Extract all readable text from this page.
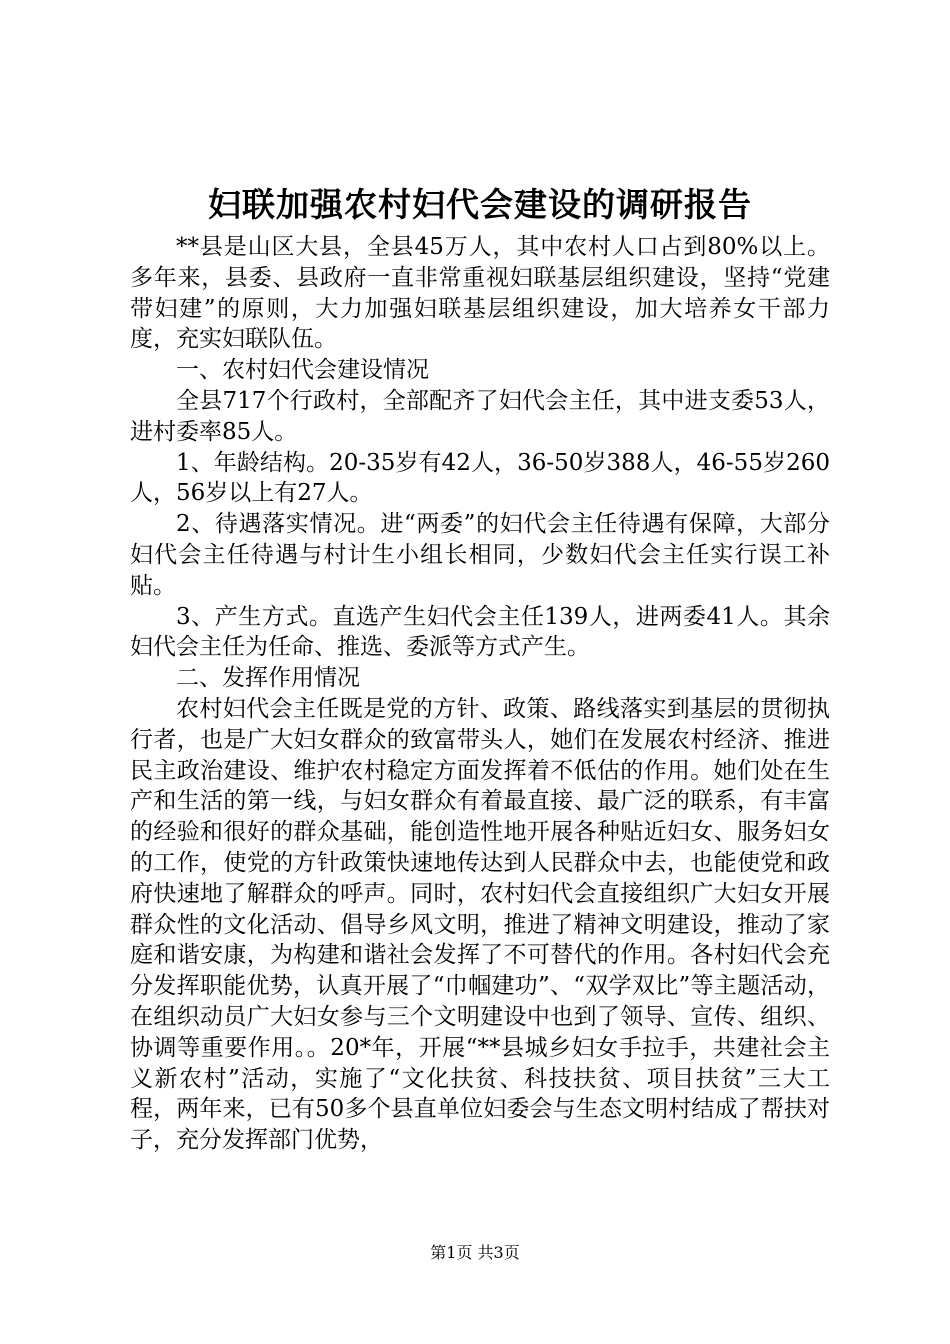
妇联加强农村妇代会建设的调研报告

**县是山区大县，全县45万人，其中农村人口占到80%以上。多年来，县委、县政府一直非常重视妇联基层组织建设，坚持“党建带妇建”的原则，大力加强妇联基层组织建设，加大培养女干部力度，充实妇联队伍。

一、农村妇代会建设情况

全县717个行政村，全部配齐了妇代会主任，其中进支委53人，进村委率85人。

1、年龄结构。20-35岁有42人，36-50岁388人，46-55岁260人，56岁以上有27人。

2、待遇落实情况。进“两委”的妇代会主任待遇有保障，大部分妇代会主任待遇与村计生小组长相同，少数妇代会主任实行误工补贴。

3、产生方式。直选产生妇代会主任139人，进两委41人。其余妇代会主任为任命、推选、委派等方式产生。

二、发挥作用情况

农村妇代会主任既是党的方针、政策、路线落实到基层的贯彻执行者，也是广大妇女群众的致富带头人，她们在发展农村经济、推进民主政治建设、维护农村稳定方面发挥着不低估的作用。她们处在生产和生活的第一线，与妇女群众有着最直接、最广泛的联系，有丰富的经验和很好的群众基础，能创造性地开展各种贴近妇女、服务妇女的工作，使党的方针政策快速地传达到人民群众中去，也能使党和政府快速地了解群众的呼声。同时，农村妇代会直接组织广大妇女开展群众性的文化活动、倡导乡风文明，推进了精神文明建设，推动了家庭和谐安康，为构建和谐社会发挥了不可替代的作用。各村妇代会充分发挥职能优势，认真开展了“巾帼建功”、“双学双比”等主题活动，在组织动员广大妇女参与三个文明建设中也到了领导、宣传、组织、协调等重要作用。。20*年，开展“**县城乡妇女手拉手，共建社会主义新农村”活动，实施了“文化扶贫、科技扶贫、项目扶贫”三大工程，两年来，已有50多个县直单位妇委会与生态文明村结成了帮扶对子，充分发挥部门优势，

第1页 共3页
